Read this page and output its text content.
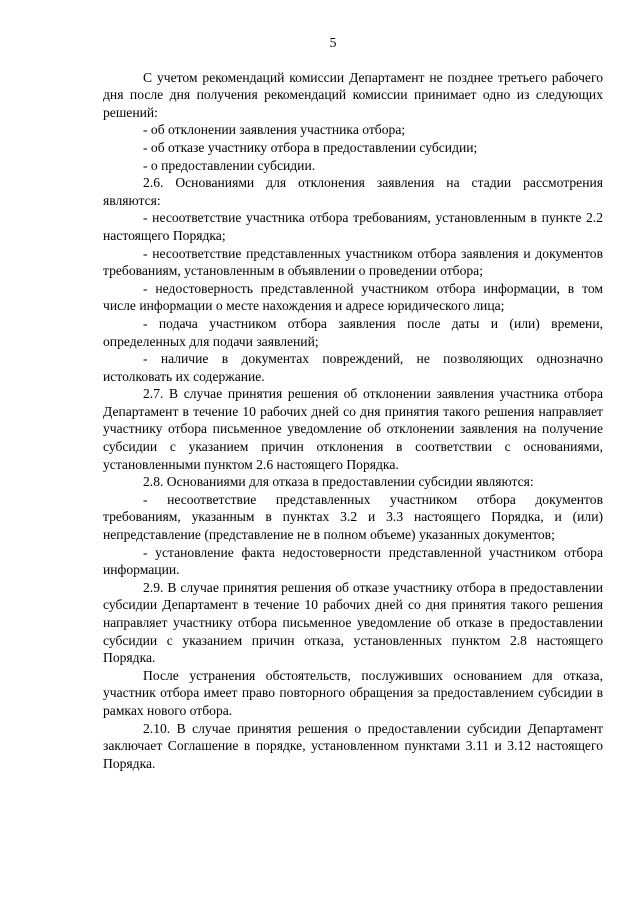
5

С учетом рекомендаций комиссии Департамент не позднее третьего рабочего дня после дня получения рекомендаций комиссии принимает одно из следующих решений:

- об отклонении заявления участника отбора;

- об отказе участнику отбора в предоставлении субсидии;

- о предоставлении субсидии.

2.6. Основаниями для отклонения заявления на стадии рассмотрения являются:

- несоответствие участника отбора требованиям, установленным в пункте 2.2 настоящего Порядка;

- несоответствие представленных участником отбора заявления и документов требованиям, установленным в объявлении о проведении отбора;

- недостоверность представленной участником отбора информации, в том числе информации о месте нахождения и адресе юридического лица;

- подача участником отбора заявления после даты и (или) времени, определенных для подачи заявлений;

- наличие в документах повреждений, не позволяющих однозначно истолковать их содержание.

2.7. В случае принятия решения об отклонении заявления участника отбора Департамент в течение 10 рабочих дней со дня принятия такого решения направляет участнику отбора письменное уведомление об отклонении заявления на получение субсидии с указанием причин отклонения в соответствии с основаниями, установленными пунктом 2.6 настоящего Порядка.

2.8. Основаниями для отказа в предоставлении субсидии являются:

- несоответствие представленных участником отбора документов требованиям, указанным в пунктах 3.2 и 3.3 настоящего Порядка, и (или) непредставление (представление не в полном объеме) указанных документов;

- установление факта недостоверности представленной участником отбора информации.

2.9. В случае принятия решения об отказе участнику отбора в предоставлении субсидии Департамент в течение 10 рабочих дней со дня принятия такого решения направляет участнику отбора письменное уведомление об отказе в предоставлении субсидии с указанием причин отказа, установленных пунктом 2.8 настоящего Порядка.

После устранения обстоятельств, послуживших основанием для отказа, участник отбора имеет право повторного обращения за предоставлением субсидии в рамках нового отбора.

2.10. В случае принятия решения о предоставлении субсидии Департамент заключает Соглашение в порядке, установленном пунктами 3.11 и 3.12 настоящего Порядка.
